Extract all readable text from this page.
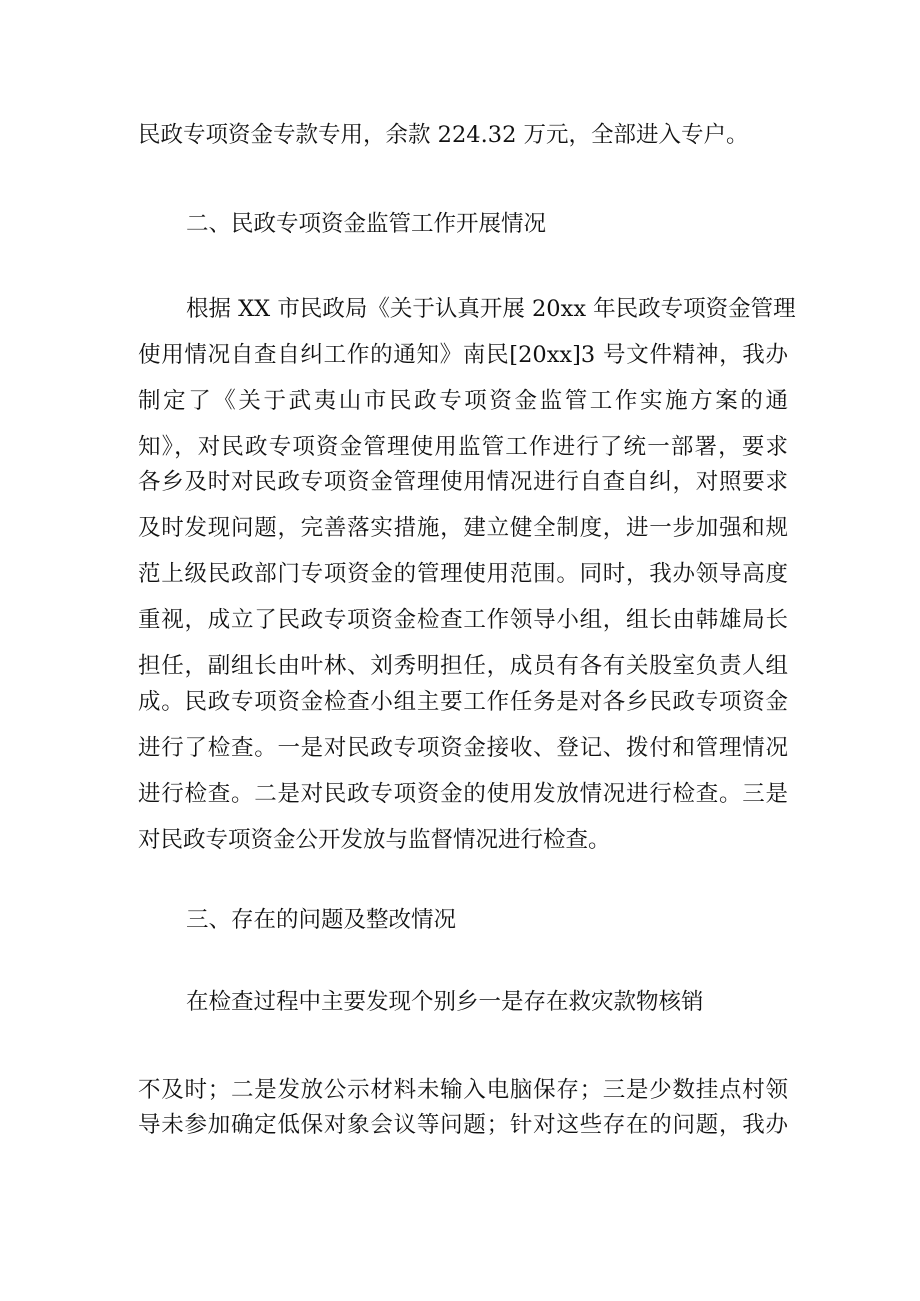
民政专项资金专款专用，余款 224.32 万元，全部进入专户。
二、民政专项资金监管工作开展情况
根据 XX 市民政局《关于认真开展 20xx 年民政专项资金管理
使用情况自查自纠工作的通知》南民[20xx]3 号文件精神，我办
制定了《关于武夷山市民政专项资金监管工作实施方案的通
知》，对民政专项资金管理使用监管工作进行了统一部署，要求
各乡及时对民政专项资金管理使用情况进行自查自纠，对照要求
及时发现问题，完善落实措施，建立健全制度，进一步加强和规
范上级民政部门专项资金的管理使用范围。同时，我办领导高度
重视，成立了民政专项资金检查工作领导小组，组长由韩雄局长
担任，副组长由叶林、刘秀明担任，成员有各有关股室负责人组
成。民政专项资金检查小组主要工作任务是对各乡民政专项资金
进行了检查。一是对民政专项资金接收、登记、拨付和管理情况
进行检查。二是对民政专项资金的使用发放情况进行检查。三是
对民政专项资金公开发放与监督情况进行检查。
三、存在的问题及整改情况
在检查过程中主要发现个别乡一是存在救灾款物核销
不及时；二是发放公示材料未输入电脑保存；三是少数挂点村领
导未参加确定低保对象会议等问题；针对这些存在的问题，我办
